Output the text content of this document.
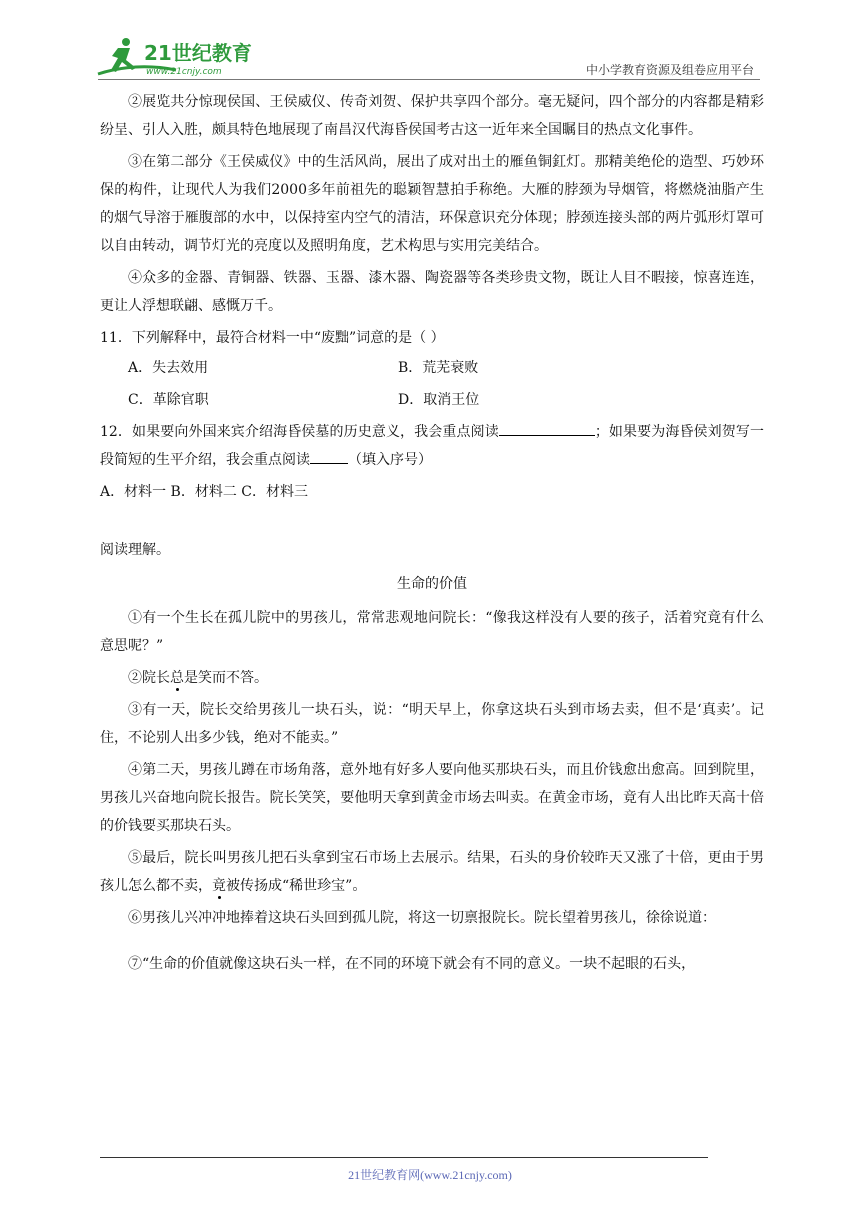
21世纪教育
www.21cnjy.com	中小学教育资源及组卷应用平台

②展览共分惊现侯国、王侯威仪、传奇刘贺、保护共享四个部分。毫无疑问，四个部分的内容都是精彩纷呈、引人入胜，颇具特色地展现了南昌汉代海昏侯国考古这一近年来全国瞩目的热点文化事件。

③在第二部分《王侯威仪》中的生活风尚，展出了成对出土的雁鱼铜釭灯。那精美绝伦的造型、巧妙环保的构件，让现代人为我们2000多年前祖先的聪颖智慧拍手称绝。大雁的脖颈为导烟管，将燃烧油脂产生的烟气导溶于雁腹部的水中，以保持室内空气的清洁，环保意识充分体现；脖颈连接头部的两片弧形灯罩可以自由转动，调节灯光的亮度以及照明角度，艺术构思与实用完美结合。

④众多的金器、青铜器、铁器、玉器、漆木器、陶瓷器等各类珍贵文物，既让人目不暇接，惊喜连连，更让人浮想联翩、感慨万千。

11．下列解释中，最符合材料一中“废黜”词意的是（ ）
A．失去效用	B．荒芜衰败
C．革除官职	D．取消王位

12．如果要向外国来宾介绍海昏侯墓的历史意义，我会重点阅读	；如果要为海昏侯刘贺写一段简短的生平介绍，我会重点阅读	（填入序号）

A．材料一 B．材料二 C．材料三
阅读理解。
生命的价值

①有一个生长在孤儿院中的男孩儿，常常悲观地问院长：“像我这样没有人要的孩子，活着究竟有什么意思呢？”

②院长总是笑而不答。

③有一天，院长交给男孩儿一块石头，说：“明天早上，你拿这块石头到市场去卖，但不是‘真卖’。记住，不论别人出多少钱，绝对不能卖。”

④第二天，男孩儿蹲在市场角落，意外地有好多人要向他买那块石头，而且价钱愈出愈高。回到院里，男孩儿兴奋地向院长报告。院长笑笑，要他明天拿到黄金市场去叫卖。在黄金市场，竟有人出比昨天高十倍的价钱要买那块石头。

⑤最后，院长叫男孩儿把石头拿到宝石市场上去展示。结果，石头的身价较昨天又涨了十倍，更由于男孩儿怎么都不卖，竟被传扬成“稀世珍宝”。

⑥男孩儿兴冲冲地捧着这块石头回到孤儿院，将这一切禀报院长。院长望着男孩儿，徐徐说道：

⑦“生命的价值就像这块石头一样，在不同的环境下就会有不同的意义。一块不起眼的石头，

21世纪教育网(www.21cnjy.com)
